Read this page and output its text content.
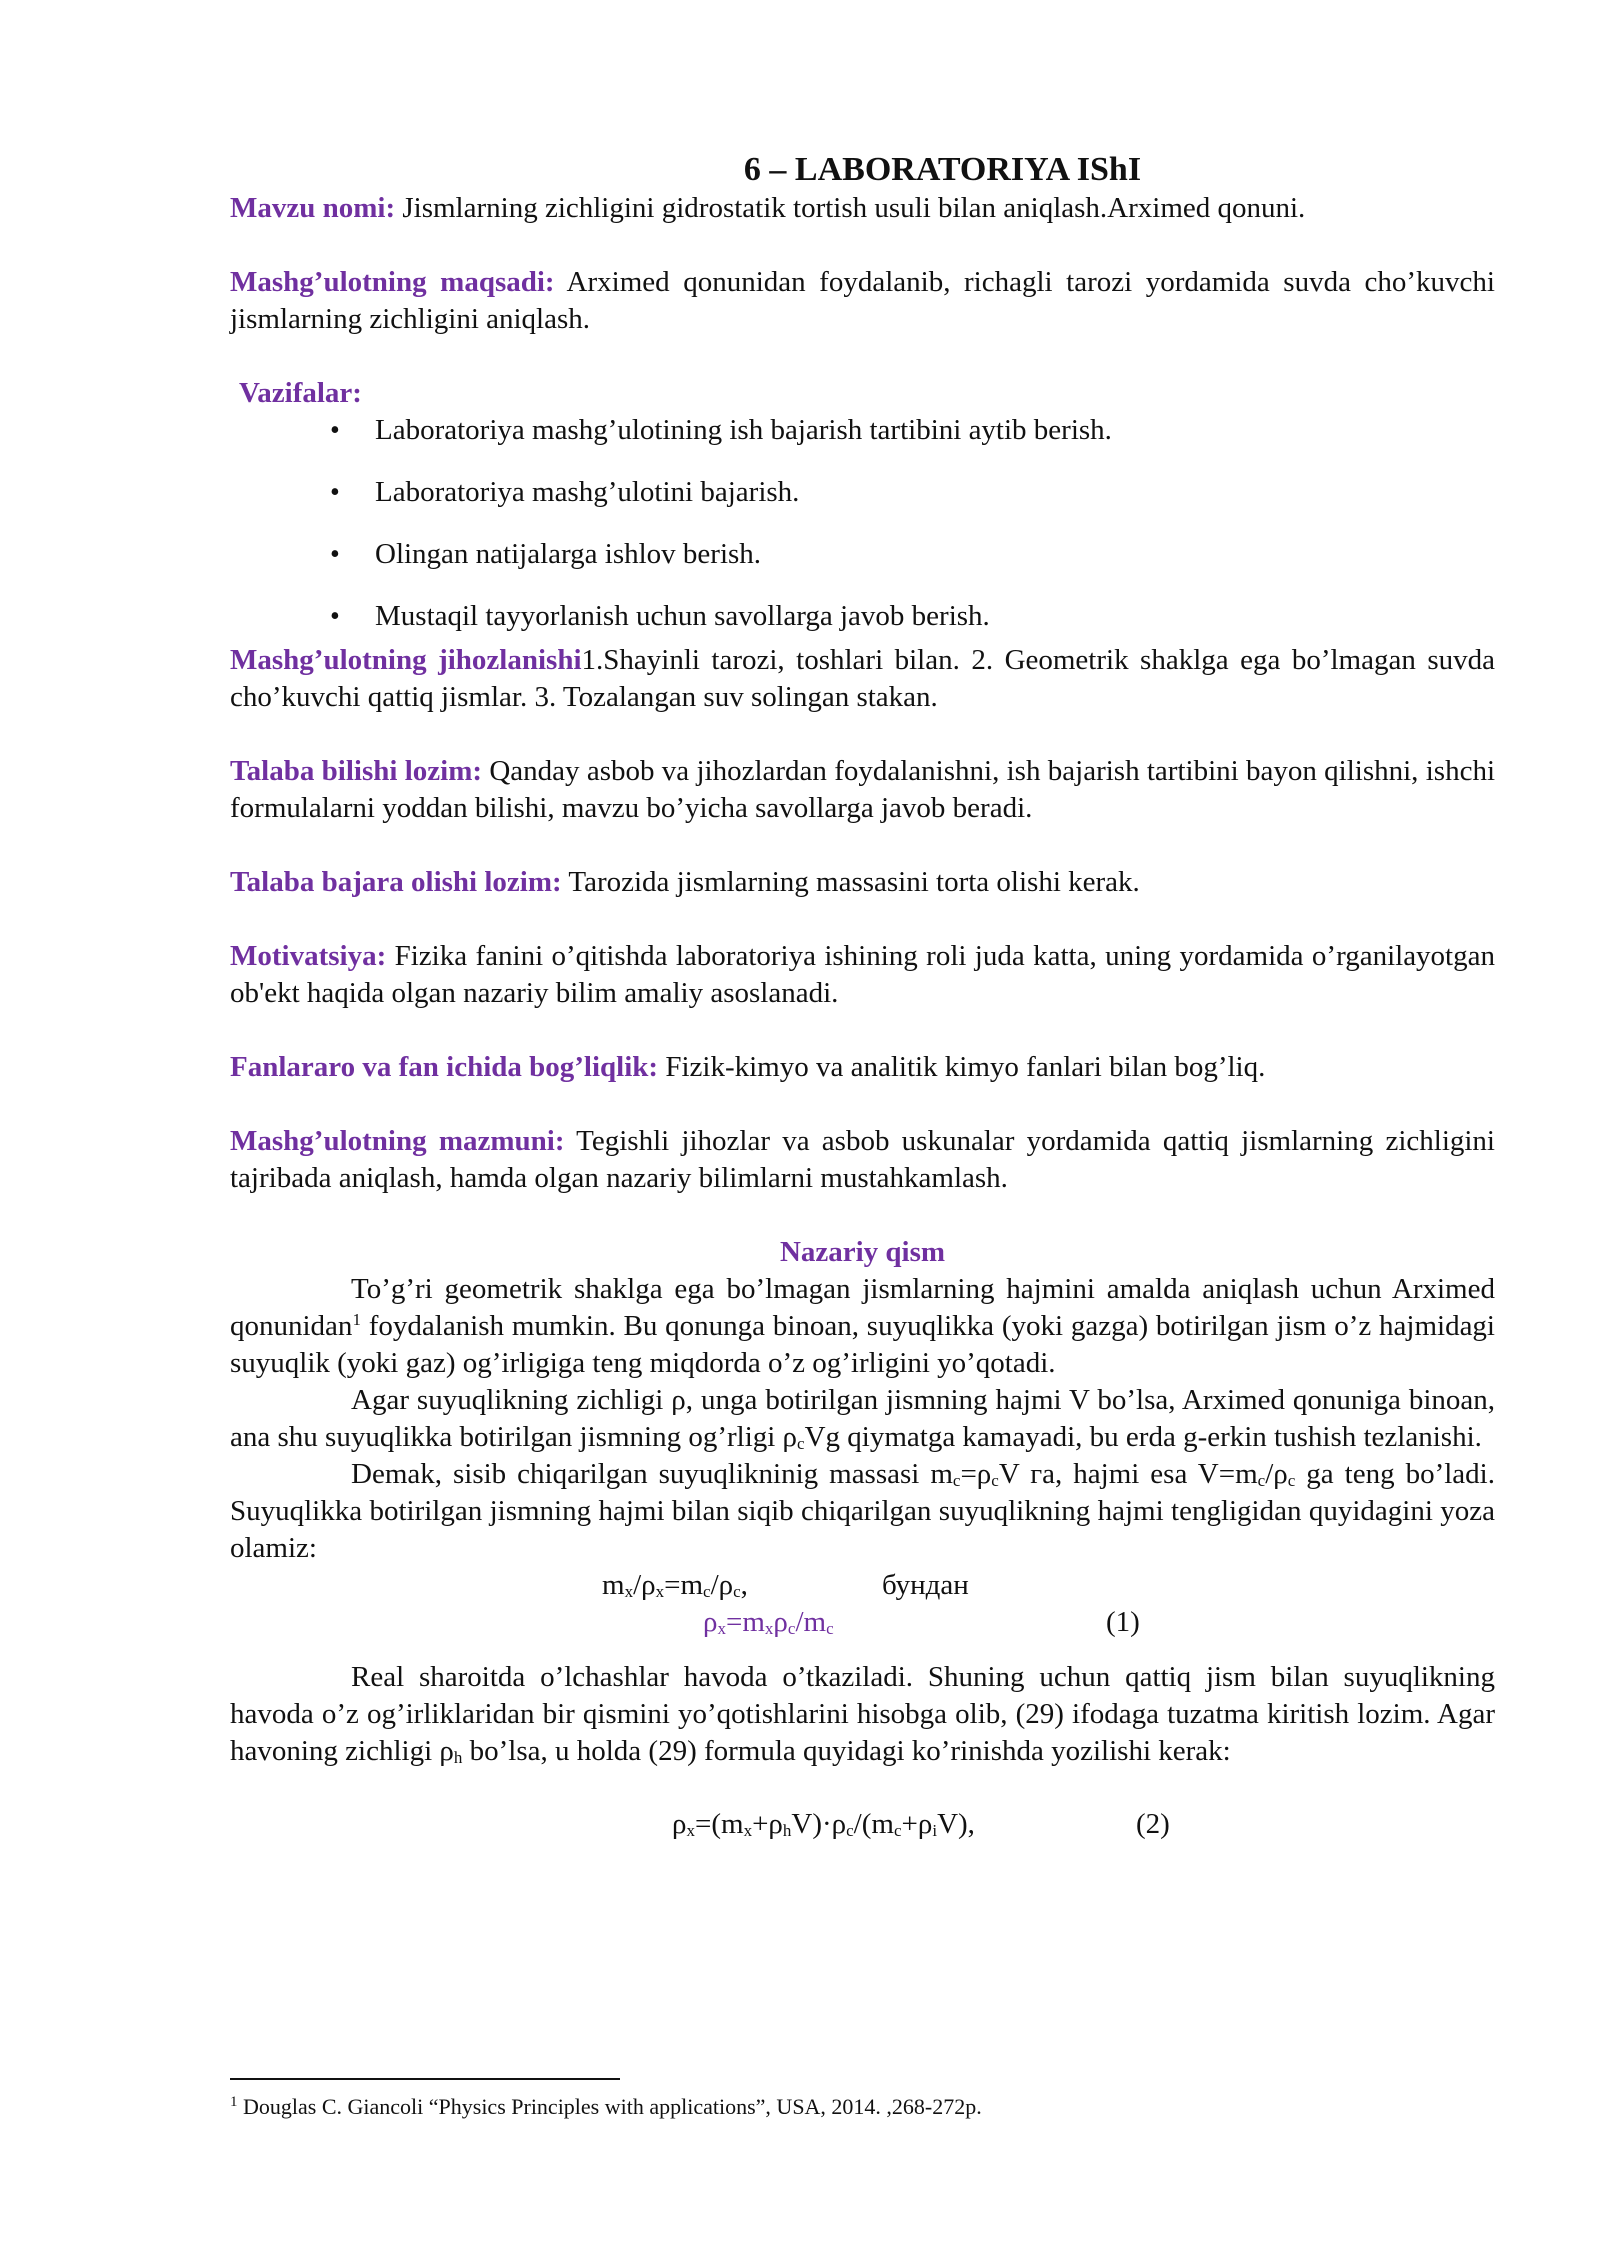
6 – LABORATORIYA IShI

Mavzu nomi: Jismlarning zichligini gidrostatik tortish usuli bilan aniqlash.Arximed qonuni.

Mashg’ulotning maqsadi: Arximed qonunidan foydalanib, richagli tarozi yordamida suvda cho’kuvchi jismlarning zichligini aniqlash.

Vazifalar:

• Laboratoriya mashg’ulotining ish bajarish tartibini aytib berish.
• Laboratoriya mashg’ulotini bajarish.
• Olingan natijalarga ishlov berish.
• Mustaqil tayyorlanish uchun savollarga javob berish.

Mashg’ulotning jihozlanishi1.Shayinli tarozi, toshlari bilan. 2. Geometrik shaklga ega bo’lmagan suvda cho’kuvchi qattiq jismlar. 3. Tozalangan suv solingan stakan.

Talaba bilishi lozim: Qanday asbob va jihozlardan foydalanishni, ish bajarish tartibini bayon qilishni, ishchi formulalarni yoddan bilishi, mavzu bo’yicha savollarga javob beradi.

Talaba bajara olishi lozim: Tarozida jismlarning massasini torta olishi kerak.

Motivatsiya: Fizika fanini o’qitishda laboratoriya ishining roli juda katta, uning yordamida o’rganilayotgan ob'ekt haqida olgan nazariy bilim amaliy asoslanadi.

Fanlararo va fan ichida bog’liqlik: Fizik-kimyo va analitik kimyo fanlari bilan bog’liq.

Mashg’ulotning mazmuni: Tegishli jihozlar va asbob uskunalar yordamida qattiq jismlarning zichligini tajribada aniqlash, hamda olgan nazariy bilimlarni mustahkamlash.

Nazariy qism

To’g’ri geometrik shaklga ega bo’lmagan jismlarning hajmini amalda aniqlash uchun Arximed qonunidan$^1$ foydalanish mumkin. Bu qonunga binoan, suyuqlikka (yoki gazga) botirilgan jism o’z hajmidagi suyuqlik (yoki gaz) og’irligiga teng miqdorda o’z og’irligini yo’qotadi.

Agar suyuqlikning zichligi ρ, unga botirilgan jismning hajmi V bo’lsa, Arximed qonuniga binoan, ana shu suyuqlikka botirilgan jismning og’rligi $\rho_cVg$ qiymatga kamayadi, bu erda g-erkin tushish tezlanishi.

Demak, sisib chiqarilgan suyuqlikninig massasi $m_c=\rho_cV$ га, hajmi esa $V=m_c/\rho_c$ ga teng bo’ladi. Suyuqlikka botirilgan jismning hajmi bilan siqib chiqarilgan suyuqlikning hajmi tengligidan quyidagini yoza olamiz:

$m_x/\rho_x=m_c/\rho_c$,	бундан
$\rho_x=m_x\rho_c/m_c$	(1)

Real sharoitda o’lchashlar havoda o’tkaziladi. Shuning uchun qattiq jism bilan suyuqlikning havoda o’z og’irliklaridan bir qismini yo’qotishlarini hisobga olib, (29) ifodaga tuzatma kiritish lozim. Agar havoning zichligi $\rho_h$ bo’lsa, u holda (29) formula quyidagi ko’rinishda yozilishi kerak:

$\rho_x=(m_x+\rho_hV)\cdot\rho_c/(m_c+\rho_iV)$,	(2)
$^1$ Douglas C. Giancoli “Physics Principles with applications”, USA, 2014. ,268-272p.
